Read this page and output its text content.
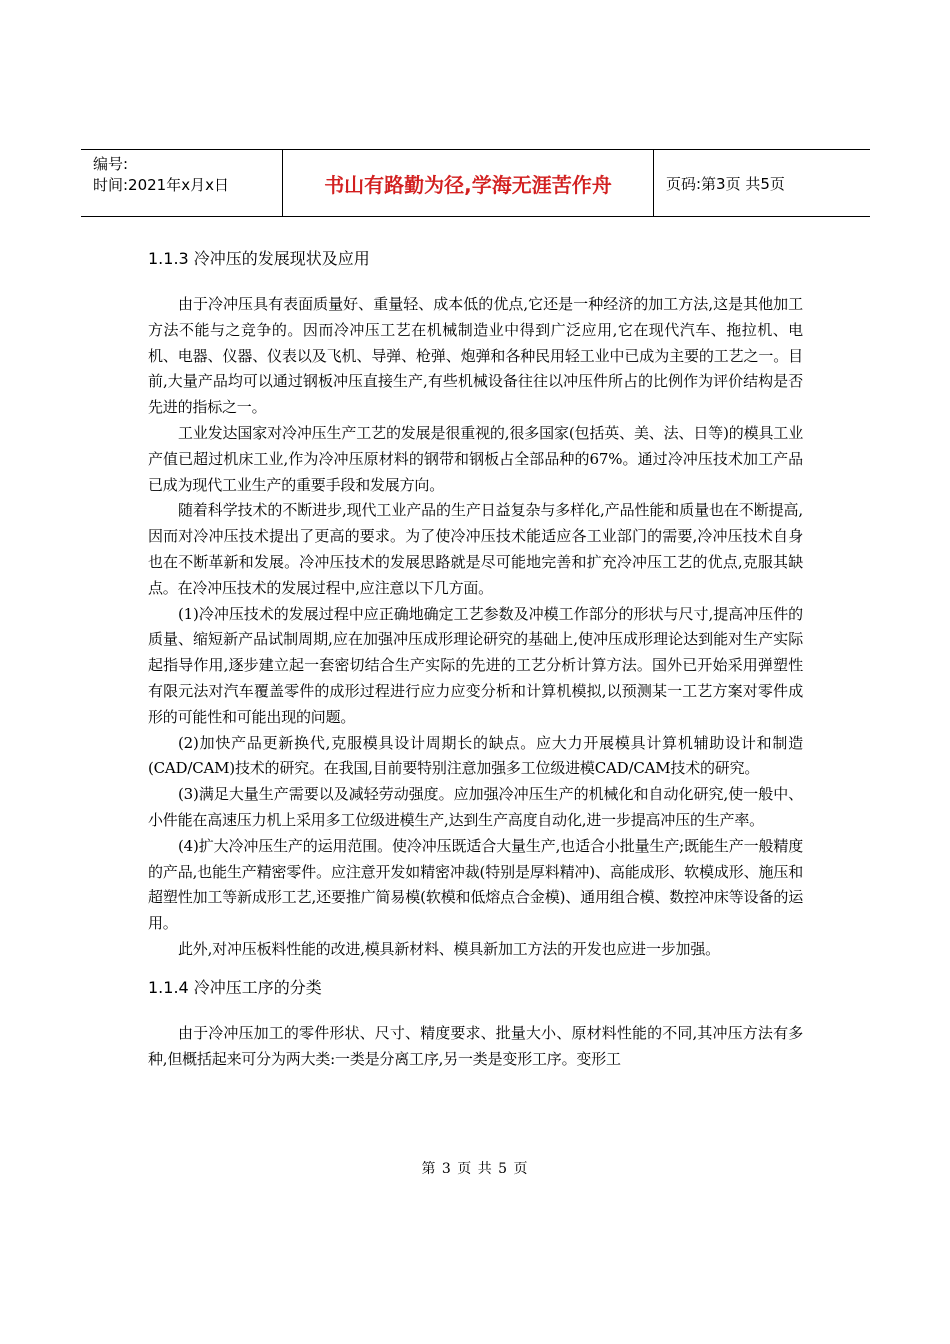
编号:
时间:2021年x月x日	书山有路勤为径,学海无涯苦作舟	页码:第3页 共5页
1.1.3 冷冲压的发展现状及应用

由于冷冲压具有表面质量好、重量轻、成本低的优点,它还是一种经济的加工方法,这是其他加工方法不能与之竞争的。因而冷冲压工艺在机械制造业中得到广泛应用,它在现代汽车、拖拉机、电机、电器、仪器、仪表以及飞机、导弹、枪弹、炮弹和各种民用轻工业中已成为主要的工艺之一。目前,大量产品均可以通过钢板冲压直接生产,有些机械设备往往以冲压件所占的比例作为评价结构是否先进的指标之一。

工业发达国家对冷冲压生产工艺的发展是很重视的,很多国家(包括英、美、法、日等)的模具工业产值已超过机床工业,作为冷冲压原材料的钢带和钢板占全部品种的67%。通过冷冲压技术加工产品已成为现代工业生产的重要手段和发展方向。

随着科学技术的不断进步,现代工业产品的生产日益复杂与多样化,产品性能和质量也在不断提高,因而对冷冲压技术提出了更高的要求。为了使冷冲压技术能适应各工业部门的需要,冷冲压技术自身也在不断革新和发展。冷冲压技术的发展思路就是尽可能地完善和扩充冷冲压工艺的优点,克服其缺点。在冷冲压技术的发展过程中,应注意以下几方面。

(1)冷冲压技术的发展过程中应正确地确定工艺参数及冲模工作部分的形状与尺寸,提高冲压件的质量、缩短新产品试制周期,应在加强冲压成形理论研究的基础上,使冲压成形理论达到能对生产实际起指导作用,逐步建立起一套密切结合生产实际的先进的工艺分析计算方法。国外已开始采用弹塑性有限元法对汽车覆盖零件的成形过程进行应力应变分析和计算机模拟,以预测某一工艺方案对零件成形的可能性和可能出现的问题。

(2)加快产品更新换代,克服模具设计周期长的缺点。应大力开展模具计算机辅助设计和制造(CAD/CAM)技术的研究。在我国,目前要特别注意加强多工位级进模CAD/CAM技术的研究。

(3)满足大量生产需要以及减轻劳动强度。应加强冷冲压生产的机械化和自动化研究,使一般中、小件能在高速压力机上采用多工位级进模生产,达到生产高度自动化,进一步提高冲压的生产率。

(4)扩大冷冲压生产的运用范围。使冷冲压既适合大量生产,也适合小批量生产;既能生产一般精度的产品,也能生产精密零件。应注意开发如精密冲裁(特别是厚料精冲)、高能成形、软模成形、施压和超塑性加工等新成形工艺,还要推广简易模(软模和低熔点合金模)、通用组合模、数控冲床等设备的运用。

此外,对冲压板料性能的改进,模具新材料、模具新加工方法的开发也应进一步加强。

1.1.4 冷冲压工序的分类

由于冷冲压加工的零件形状、尺寸、精度要求、批量大小、原材料性能的不同,其冲压方法有多种,但概括起来可分为两大类:一类是分离工序,另一类是变形工序。变形工

第 3 页 共 5 页
